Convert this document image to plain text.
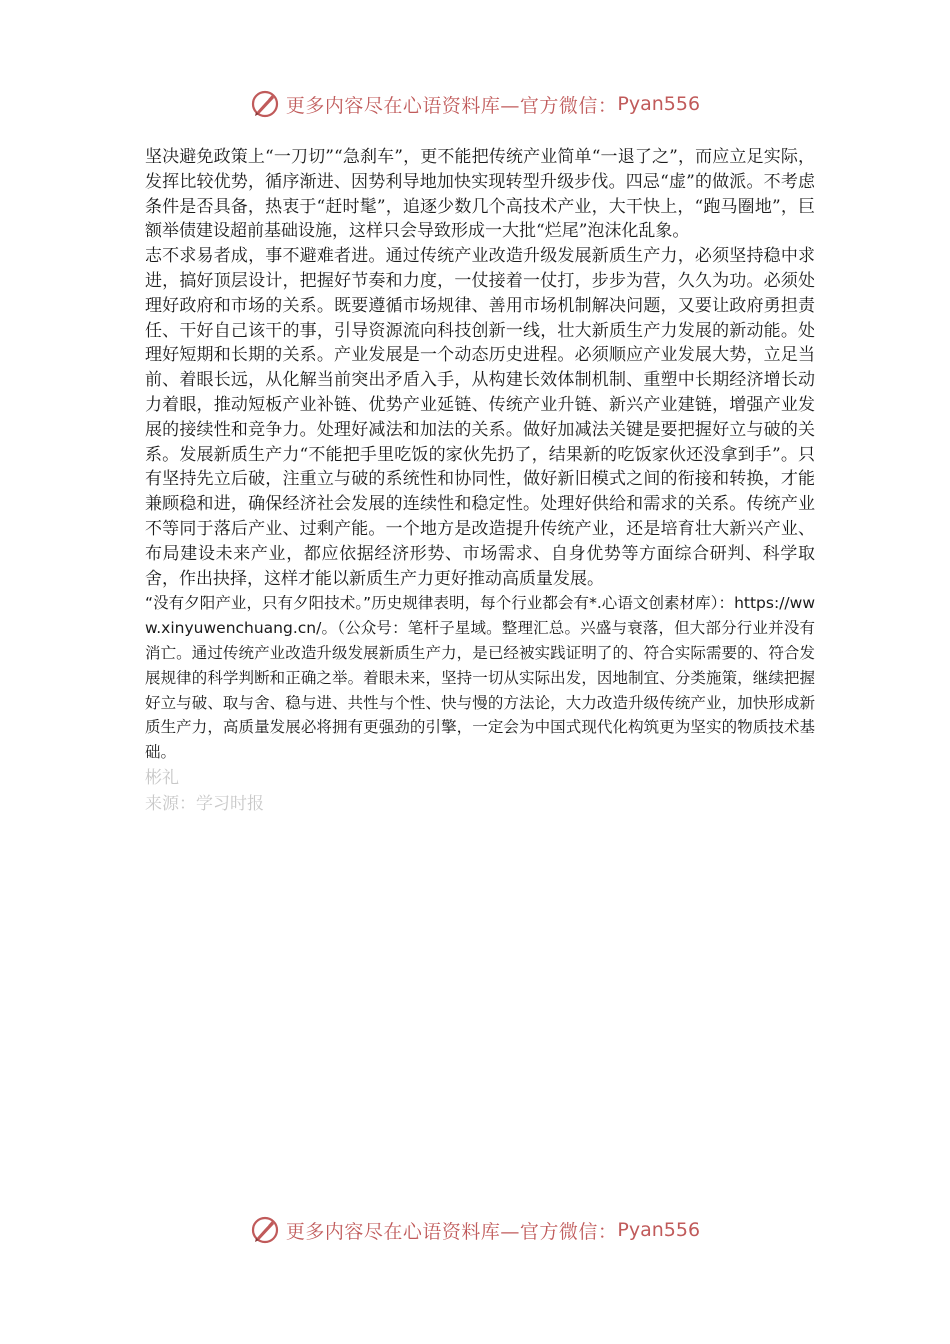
更多内容尽在心语资料库—官方微信： Pyan556

坚决避免政策上“一刀切”“急刹车”，更不能把传统产业简单“一退了之”，而应立足实际，发挥比较优势，循序渐进、因势利导地加快实现转型升级步伐。四忌“虚”的做派。不考虑条件是否具备，热衷于“赶时髦”，追逐少数几个高技术产业，大干快上，“跑马圈地”，巨额举债建设超前基础设施，这样只会导致形成一大批“烂尾”泡沫化乱象。

志不求易者成，事不避难者进。通过传统产业改造升级发展新质生产力，必须坚持稳中求进，搞好顶层设计，把握好节奏和力度，一仗接着一仗打，步步为营，久久为功。必须处理好政府和市场的关系。既要遵循市场规律、善用市场机制解决问题，又要让政府勇担责任、干好自己该干的事，引导资源流向科技创新一线，壮大新质生产力发展的新动能。处理好短期和长期的关系。产业发展是一个动态历史进程。必须顺应产业发展大势，立足当前、着眼长远，从化解当前突出矛盾入手，从构建长效体制机制、重塑中长期经济增长动力着眼，推动短板产业补链、优势产业延链、传统产业升链、新兴产业建链，增强产业发展的接续性和竞争力。处理好减法和加法的关系。做好加减法关键是要把握好立与破的关系。发展新质生产力“不能把手里吃饭的家伙先扔了，结果新的吃饭家伙还没拿到手”。只有坚持先立后破，注重立与破的系统性和协同性，做好新旧模式之间的衔接和转换，才能兼顾稳和进，确保经济社会发展的连续性和稳定性。处理好供给和需求的关系。传统产业不等同于落后产业、过剩产能。一个地方是改造提升传统产业，还是培育壮大新兴产业、布局建设未来产业，都应依据经济形势、市场需求、自身优势等方面综合研判、科学取舍，作出抉择，这样才能以新质生产力更好推动高质量发展。

“没有夕阳产业，只有夕阳技术。”历史规律表明，每个行业都会有*.心语文创素材库）：https://www.xinyuwenchuang.cn/。（公众号：笔杆子星域。整理汇总。兴盛与衰落，但大部分行业并没有消亡。通过传统产业改造升级发展新质生产力，是已经被实践证明了的、符合实际需要的、符合发展规律的科学判断和正确之举。着眼未来，坚持一切从实际出发，因地制宜、分类施策，继续把握好立与破、取与舍、稳与进、共性与个性、快与慢的方法论，大力改造升级传统产业，加快形成新质生产力，高质量发展必将拥有更强劲的引擎，一定会为中国式现代化构筑更为坚实的物质技术基础。

彬礼

来源：学习时报

更多内容尽在心语资料库—官方微信： Pyan556
